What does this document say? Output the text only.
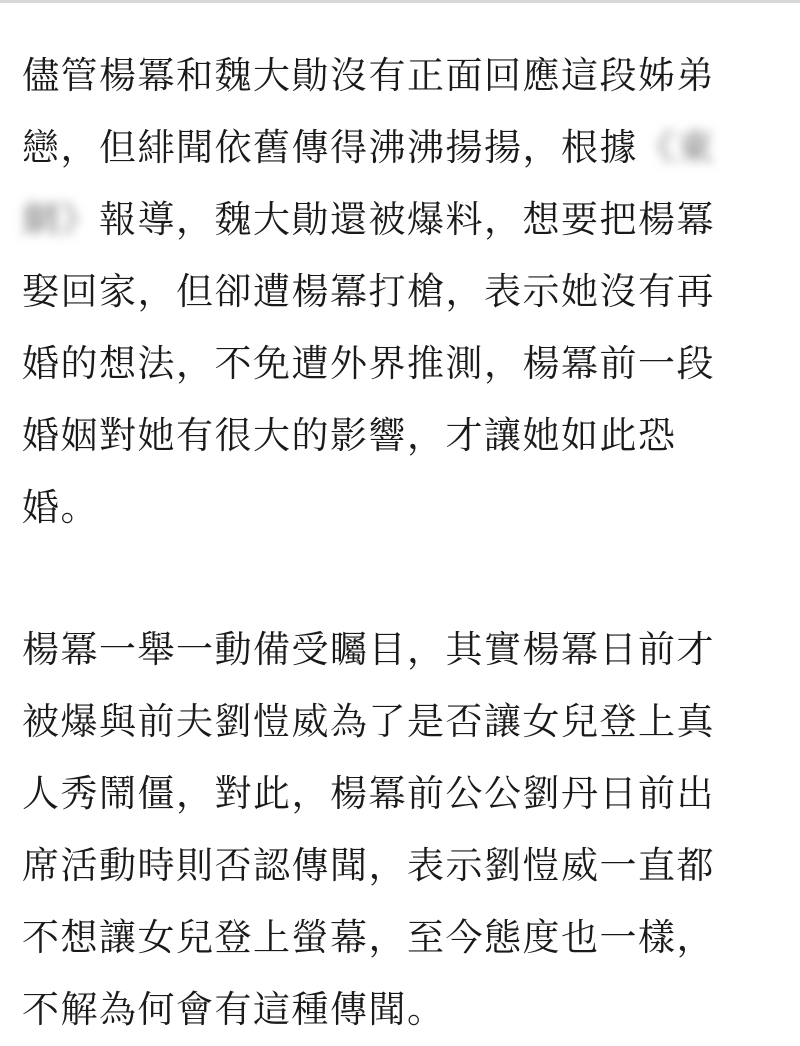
儘管楊冪和魏大勛沒有正面回應這段姊弟
戀，但緋聞依舊傳得沸沸揚揚，根據《東
網》報導，魏大勛還被爆料，想要把楊冪
娶回家，但卻遭楊冪打槍，表示她沒有再
婚的想法，不免遭外界推測，楊冪前一段
婚姻對她有很大的影響，才讓她如此恐
婚。
楊冪一舉一動備受矚目，其實楊冪日前才
被爆與前夫劉愷威為了是否讓女兒登上真
人秀鬧僵，對此，楊冪前公公劉丹日前出
席活動時則否認傳聞，表示劉愷威一直都
不想讓女兒登上螢幕，至今態度也一樣，
不解為何會有這種傳聞。
